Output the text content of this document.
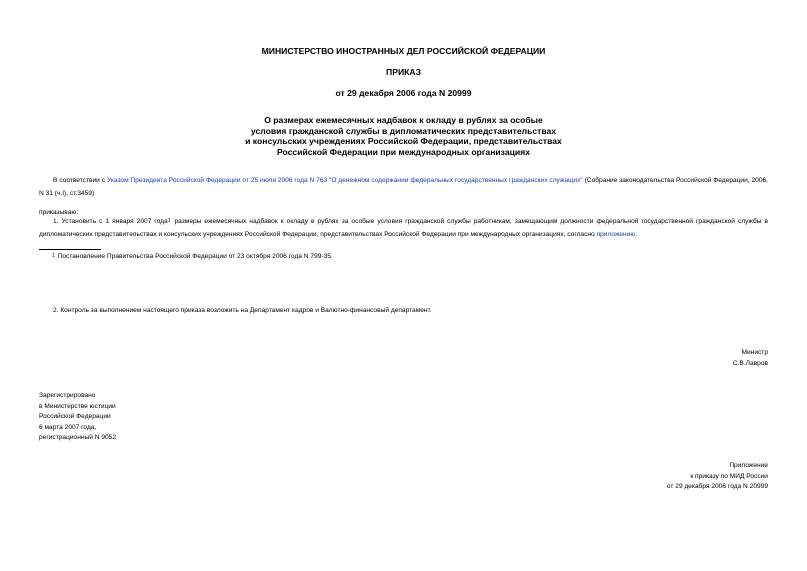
МИНИСТЕРСТВО ИНОСТРАННЫХ ДЕЛ РОССИЙСКОЙ ФЕДЕРАЦИИ

ПРИКАЗ

от 29 декабря 2006 года N 20999

О размерах ежемесячных надбавок к окладу в рублях за особые
условия гражданской службы в дипломатических представительствах
и консульских учреждениях Российской Федерации, представительствах
Российской Федерации при международных организациях

В соответствии с Указом Президента Российской Федерации от 25 июля 2006 года N 763 "О денежном содержании федеральных государственных гражданских служащих" (Собрание законодательства Российской Федерации, 2006, N 31 (ч.I), ст.3459)

приказываю:

1. Установить с 1 января 2007 года1 размеры ежемесячных надбавок к окладу в рублях за особые условия гражданской службы работникам, замещающим должности федеральной государственной гражданской службы в дипломатических представительствах и консульских учреждениях Российской Федерации, представительствах Российской Федерации при международных организациях, согласно приложению.

1 Постановление Правительства Российской Федерации от 23 октября 2006 года N 799-35.

2. Контроль за выполнением настоящего приказа возложить на Департамент кадров и Валютно-финансовый департамент.

Министр
С.В.Лавров
Зарегистрировано
в Министерстве юстиции
Российской Федерации
6 марта 2007 года,
регистрационный N 9052
Приложение
к приказу по МИД России
от 29 декабря 2006 года N 20999
